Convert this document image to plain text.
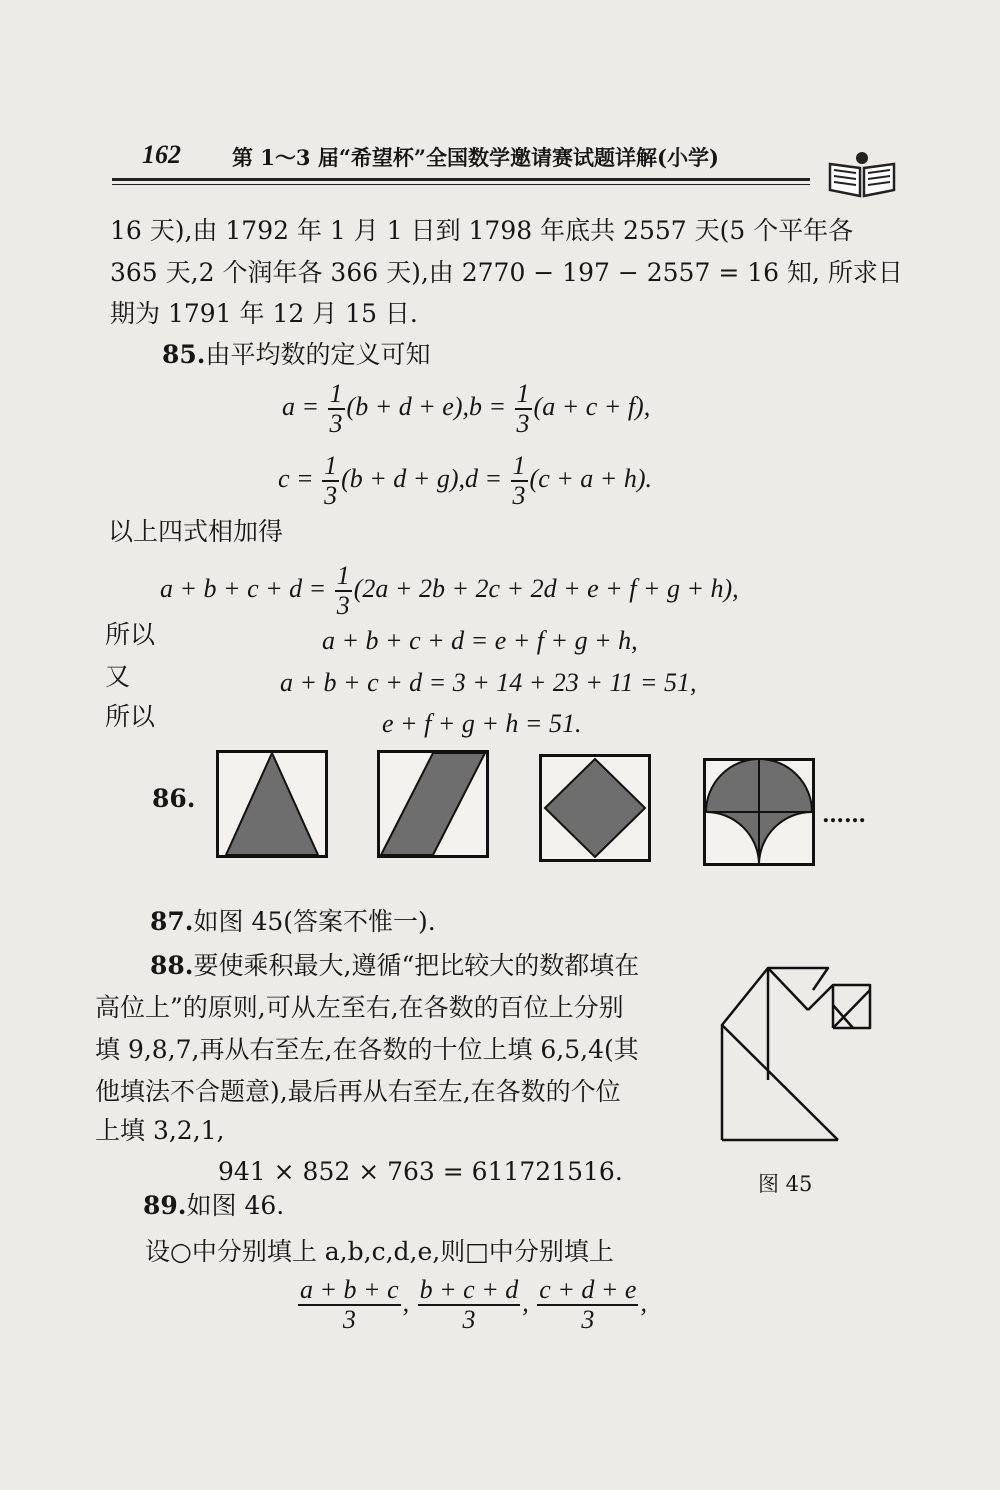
162 第 1～3 届“希望杯”全国数学邀请赛试题详解(小学)
16 天),由 1792 年 1 月 1 日到 1798 年底共 2557 天(5 个平年各
365 天,2 个润年各 366 天),由 2770 − 197 − 2557 = 16 知, 所求日
期为 1791 年 12 月 15 日.
85.由平均数的定义可知
$a = \frac{1}{3} (b + d + e),b = \frac{1}{3} (a + c + f)$,
$c = \frac{1}{3} (b + d + g),d = \frac{1}{3} (c + a + h)$.
以上四式相加得
$a + b + c + d = \frac{1}{3} (2a + 2b + 2c + 2d + e + f + g + h)$,
所以	a + b + c + d = e + f + g + h,
又	a + b + c + d = 3 + 14 + 23 + 11 = 51,
所以	e + f + g + h = 51.
86.
……
87.如图 45(答案不惟一).
88.要使乘积最大,遵循“把比较大的数都填在
高位上”的原则,可从左至右,在各数的百位上分别
填 9,8,7,再从右至左,在各数的十位上填 6,5,4(其
他填法不合题意),最后再从右至左,在各数的个位
上填 3,2,1,
941 × 852 × 763 = 611721516.	图 45
89.如图 46.
设○中分别填上 a,b,c,d,e,则□中分别填上
$\frac{a + b + c}{3}$ , $\frac{b + c + d}{3}$ , $\frac{c + d + e}{3}$ ,
